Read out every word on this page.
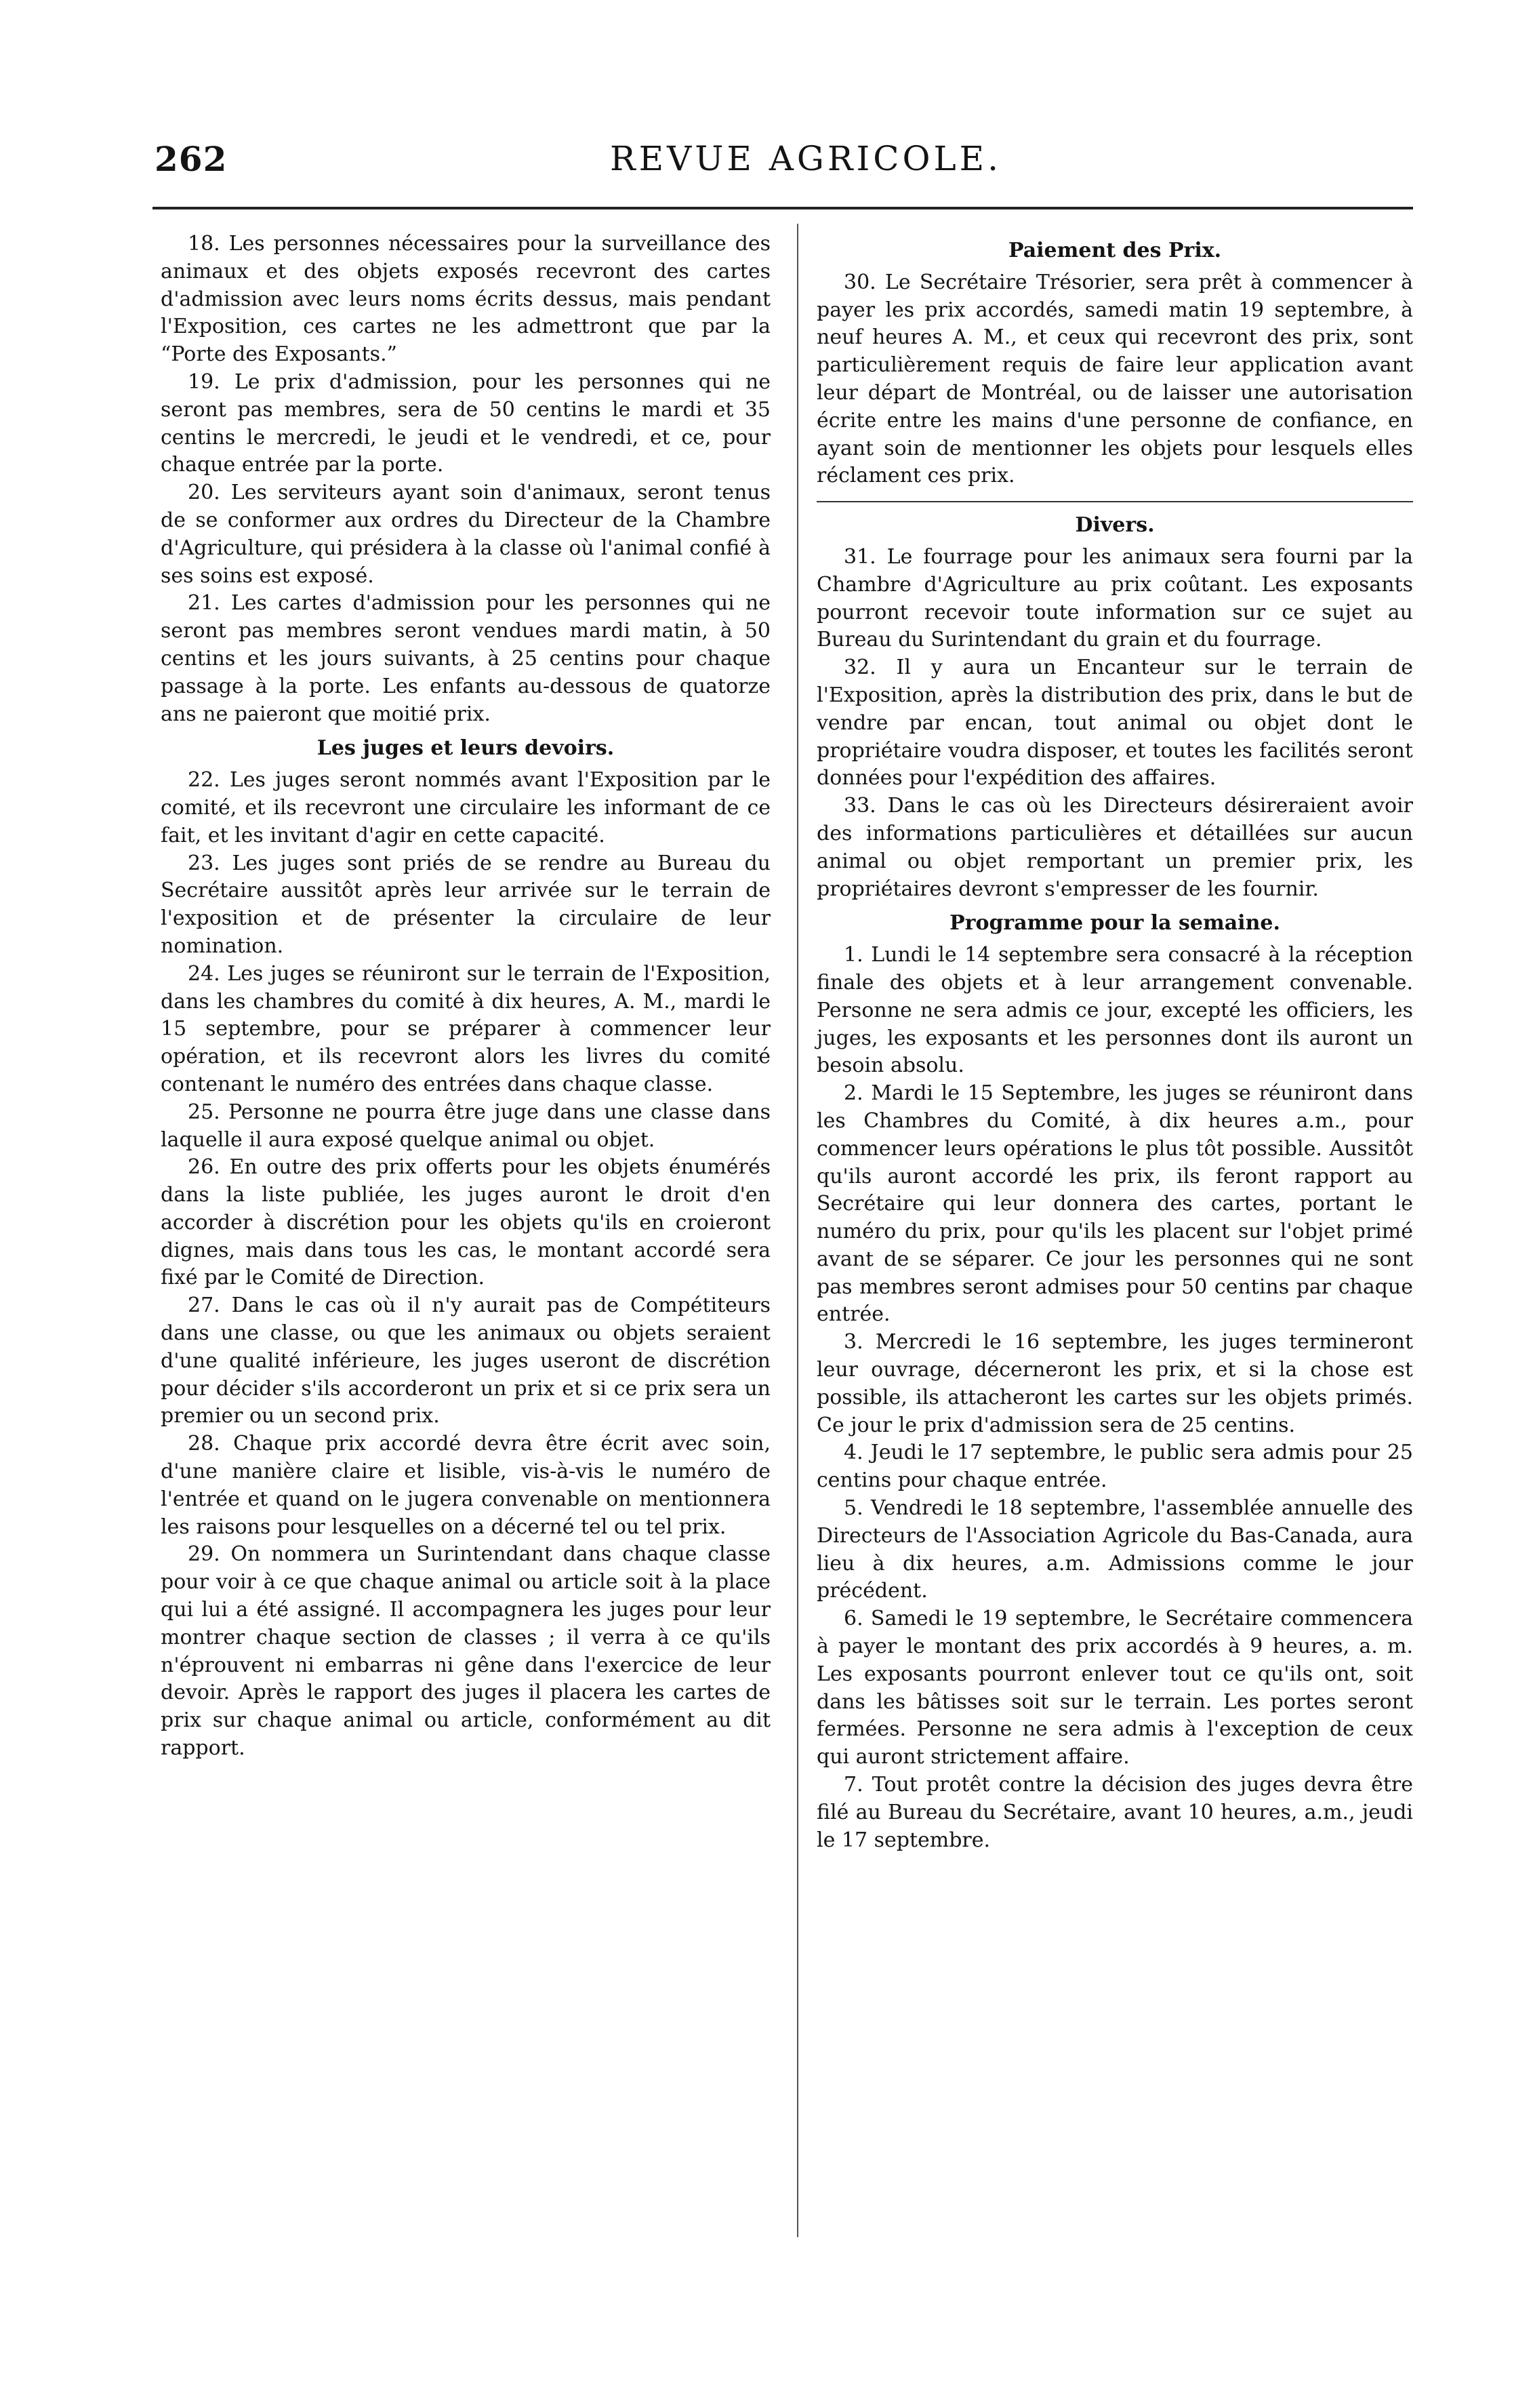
262	REVUE AGRICOLE.

18. Les personnes nécessaires pour la surveillance des animaux et des objets exposés recevront des cartes d'admission avec leurs noms écrits dessus, mais pendant l'Exposition, ces cartes ne les admettront que par la “Porte des Exposants.”

19. Le prix d'admission, pour les personnes qui ne seront pas membres, sera de 50 centins le mardi et 35 centins le mercredi, le jeudi et le vendredi, et ce, pour chaque entrée par la porte.

20. Les serviteurs ayant soin d'animaux, seront tenus de se conformer aux ordres du Directeur de la Chambre d'Agriculture, qui présidera à la classe où l'animal confié à ses soins est exposé.

21. Les cartes d'admission pour les personnes qui ne seront pas membres seront vendues mardi matin, à 50 centins et les jours suivants, à 25 centins pour chaque passage à la porte. Les enfants au-dessous de quatorze ans ne paieront que moitié prix.

Les juges et leurs devoirs.

22. Les juges seront nommés avant l'Exposition par le comité, et ils recevront une circulaire les informant de ce fait, et les invitant d'agir en cette capacité.

23. Les juges sont priés de se rendre au Bureau du Secrétaire aussitôt après leur arrivée sur le terrain de l'exposition et de présenter la circulaire de leur nomination.

24. Les juges se réuniront sur le terrain de l'Exposition, dans les chambres du comité à dix heures, A. M., mardi le 15 septembre, pour se préparer à commencer leur opération, et ils recevront alors les livres du comité contenant le numéro des entrées dans chaque classe.

25. Personne ne pourra être juge dans une classe dans laquelle il aura exposé quelque animal ou objet.

26. En outre des prix offerts pour les objets énumérés dans la liste publiée, les juges auront le droit d'en accorder à discrétion pour les objets qu'ils en croieront dignes, mais dans tous les cas, le montant accordé sera fixé par le Comité de Direction.

27. Dans le cas où il n'y aurait pas de Compétiteurs dans une classe, ou que les animaux ou objets seraient d'une qualité inférieure, les juges useront de discrétion pour décider s'ils accorderont un prix et si ce prix sera un premier ou un second prix.

28. Chaque prix accordé devra être écrit avec soin, d'une manière claire et lisible, vis-à-vis le numéro de l'entrée et quand on le jugera convenable on mentionnera les raisons pour lesquelles on a décerné tel ou tel prix.

29. On nommera un Surintendant dans chaque classe pour voir à ce que chaque animal ou article soit à la place qui lui a été assigné. Il accompagnera les juges pour leur montrer chaque section de classes ; il verra à ce qu'ils n'éprouvent ni embarras ni gêne dans l'exercice de leur devoir. Après le rapport des juges il placera les cartes de prix sur chaque animal ou article, conformément au dit rapport.

Paiement des Prix.

30. Le Secrétaire Trésorier, sera prêt à commencer à payer les prix accordés, samedi matin 19 septembre, à neuf heures A. M., et ceux qui recevront des prix, sont particulièrement requis de faire leur application avant leur départ de Montréal, ou de laisser une autorisation écrite entre les mains d'une personne de confiance, en ayant soin de mentionner les objets pour lesquels elles réclament ces prix.

Divers.

31. Le fourrage pour les animaux sera fourni par la Chambre d'Agriculture au prix coûtant. Les exposants pourront recevoir toute information sur ce sujet au Bureau du Surintendant du grain et du fourrage.

32. Il y aura un Encanteur sur le terrain de l'Exposition, après la distribution des prix, dans le but de vendre par encan, tout animal ou objet dont le propriétaire voudra disposer, et toutes les facilités seront données pour l'expédition des affaires.

33. Dans le cas où les Directeurs désireraient avoir des informations particulières et détaillées sur aucun animal ou objet remportant un premier prix, les propriétaires devront s'empresser de les fournir.

Programme pour la semaine.

1. Lundi le 14 septembre sera consacré à la réception finale des objets et à leur arrangement convenable. Personne ne sera admis ce jour, excepté les officiers, les juges, les exposants et les personnes dont ils auront un besoin absolu.

2. Mardi le 15 Septembre, les juges se réuniront dans les Chambres du Comité, à dix heures a.m., pour commencer leurs opérations le plus tôt possible. Aussitôt qu'ils auront accordé les prix, ils feront rapport au Secrétaire qui leur donnera des cartes, portant le numéro du prix, pour qu'ils les placent sur l'objet primé avant de se séparer. Ce jour les personnes qui ne sont pas membres seront admises pour 50 centins par chaque entrée.

3. Mercredi le 16 septembre, les juges termineront leur ouvrage, décerneront les prix, et si la chose est possible, ils attacheront les cartes sur les objets primés. Ce jour le prix d'admission sera de 25 centins.

4. Jeudi le 17 septembre, le public sera admis pour 25 centins pour chaque entrée.

5. Vendredi le 18 septembre, l'assemblée annuelle des Directeurs de l'Association Agricole du Bas-Canada, aura lieu à dix heures, a.m. Admissions comme le jour précédent.

6. Samedi le 19 septembre, le Secrétaire commencera à payer le montant des prix accordés à 9 heures, a. m. Les exposants pourront enlever tout ce qu'ils ont, soit dans les bâtisses soit sur le terrain. Les portes seront fermées. Personne ne sera admis à l'exception de ceux qui auront strictement affaire.

7. Tout protêt contre la décision des juges devra être filé au Bureau du Secrétaire, avant 10 heures, a.m., jeudi le 17 septembre.
